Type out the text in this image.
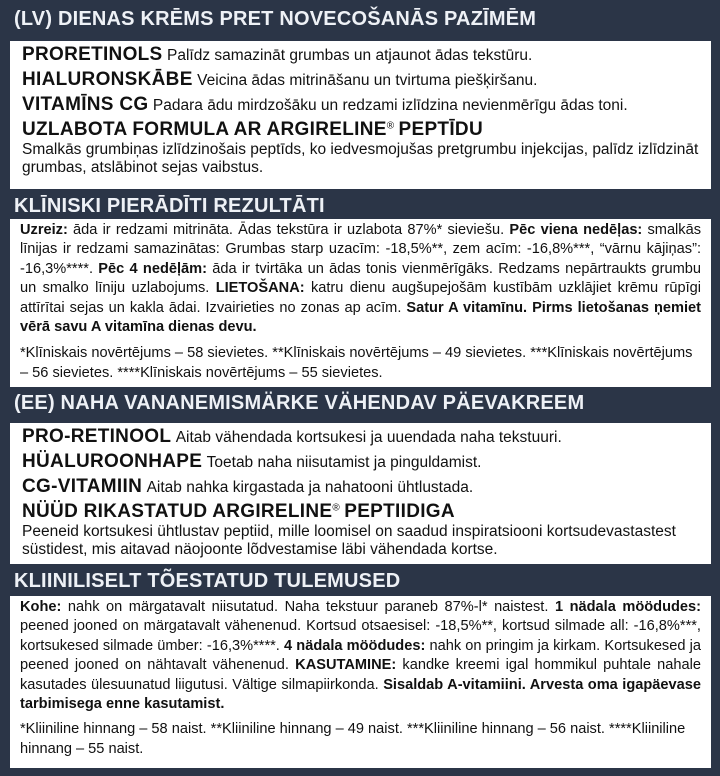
(LV) DIENAS KRĒMS PRET NOVECOŠANĀS PAZĪMĒM

PRORETINOLS Palīdz samazināt grumbas un atjaunot ādas tekstūru.

HIALURONSKĀBE Veicina ādas mitrināšanu un tvirtuma piešķiršanu.

VITAMĪNS CG Padara ādu mirdzošāku un redzami izlīdzina nevienmērīgu ādas toni.

UZLABOTA FORMULA AR ARGIRELINE® PEPTĪDU

Smalkās grumbiņas izlīdzinošais peptīds, ko iedvesmojušas pretgrumbu injekcijas, palīdz izlīdzināt grumbas, atslābinot sejas vaibstus.

KLĪNISKI PIERĀDĪTI REZULTĀTI

Uzreiz: āda ir redzami mitrināta. Ādas tekstūra ir uzlabota 87%* sieviešu. Pēc viena nedēļas: smalkās līnijas ir redzami samazinātas: Grumbas starp uzacīm: -18,5%**, zem acīm: -16,8%***, “vārnu kājiņas”: -16,3%****. Pēc 4 nedēļām: āda ir tvirtāka un ādas tonis vienmērīgāks. Redzams nepārtraukts grumbu un smalko līniju uzlabojums. LIETOŠANA: katru dienu augšupejošām kustībām uzklājiet krēmu rūpīgi attīrītai sejas un kakla ādai. Izvairieties no zonas ap acīm. Satur A vitamīnu. Pirms lietošanas ņemiet vērā savu A vitamīna dienas devu.

*Klīniskais novērtējums – 58 sievietes. **Klīniskais novērtējums – 49 sievietes. ***Klīniskais novērtējums – 56 sievietes. ****Klīniskais novērtējums – 55 sievietes.

(EE) NAHA VANANEMISMÄRKE VÄHENDAV PÄEVAKREEM

PRO-RETINOOL Aitab vähendada kortsukesi ja uuendada naha tekstuuri.

HÜALUROONHAPE Toetab naha niisutamist ja pinguldamist.

CG-VITAMIIN Aitab nahka kirgastada ja nahatooni ühtlustada.

NÜÜD RIKASTATUD ARGIRELINE® PEPTIIDIGA

Peeneid kortsukesi ühtlustav peptiid, mille loomisel on saadud inspiratsiooni kortsudevastastest süstidest, mis aitavad näojoonte lõdvestamise läbi vähendada kortse.

KLIINILISELT TÕESTATUD TULEMUSED

Kohe: nahk on märgatavalt niisutatud. Naha tekstuur paraneb 87%-l* naistest. 1 nädala möödudes: peened jooned on märgatavalt vähenenud. Kortsud otsaesisel: -18,5%**, kortsud silmade all: -16,8%***, kortsukesed silmade ümber: -16,3%****. 4 nädala möödudes: nahk on pringim ja kirkam. Kortsukesed ja peened jooned on nähtavalt vähenenud. KASUTAMINE: kandke kreemi igal hommikul puhtale nahale kasutades ülesuunatud liigutusi. Vältige silmapiirkonda. Sisaldab A-vitamiini. Arvesta oma igapäevase tarbimisega enne kasutamist.

*Kliiniline hinnang – 58 naist. **Kliiniline hinnang – 49 naist. ***Kliiniline hinnang – 56 naist. ****Kliiniline hinnang – 55 naist.
